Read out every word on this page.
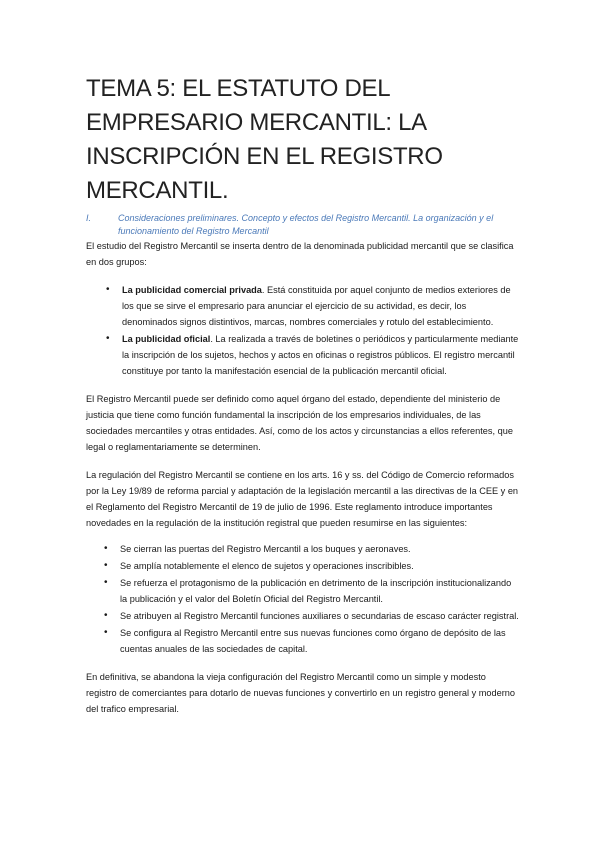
TEMA 5: EL ESTATUTO DEL EMPRESARIO MERCANTIL: LA INSCRIPCIÓN EN EL REGISTRO MERCANTIL.
I.	Consideraciones preliminares. Concepto y efectos del Registro Mercantil. La organización y el funcionamiento del Registro Mercantil

El estudio del Registro Mercantil se inserta dentro de la denominada publicidad mercantil que se clasifica en dos grupos:

• La publicidad comercial privada. Está constituida por aquel conjunto de medios exteriores de los que se sirve el empresario para anunciar el ejercicio de su actividad, es decir, los denominados signos distintivos, marcas, nombres comerciales y rotulo del establecimiento.
• La publicidad oficial. La realizada a través de boletines o periódicos y particularmente mediante la inscripción de los sujetos, hechos y actos en oficinas o registros públicos. El registro mercantil constituye por tanto la manifestación esencial de la publicación mercantil oficial.

El Registro Mercantil puede ser definido como aquel órgano del estado, dependiente del ministerio de justicia que tiene como función fundamental la inscripción de los empresarios individuales, de las sociedades mercantiles y otras entidades. Así, como de los actos y circunstancias a ellos referentes, que legal o reglamentariamente se determinen.

La regulación del Registro Mercantil se contiene en los arts. 16 y ss. del Código de Comercio reformados por la Ley 19/89 de reforma parcial y adaptación de la legislación mercantil a las directivas de la CEE y en el Reglamento del Registro Mercantil de 19 de julio de 1996. Este reglamento introduce importantes novedades en la regulación de la institución registral que pueden resumirse en las siguientes:

• Se cierran las puertas del Registro Mercantil a los buques y aeronaves.
• Se amplía notablemente el elenco de sujetos y operaciones inscribibles.
• Se refuerza el protagonismo de la publicación en detrimento de la inscripción institucionalizando la publicación y el valor del Boletín Oficial del Registro Mercantil.
• Se atribuyen al Registro Mercantil funciones auxiliares o secundarias de escaso carácter registral.
• Se configura al Registro Mercantil entre sus nuevas funciones como órgano de depósito de las cuentas anuales de las sociedades de capital.

En definitiva, se abandona la vieja configuración del Registro Mercantil como un simple y modesto registro de comerciantes para dotarlo de nuevas funciones y convertirlo en un registro general y moderno del trafico empresarial.
